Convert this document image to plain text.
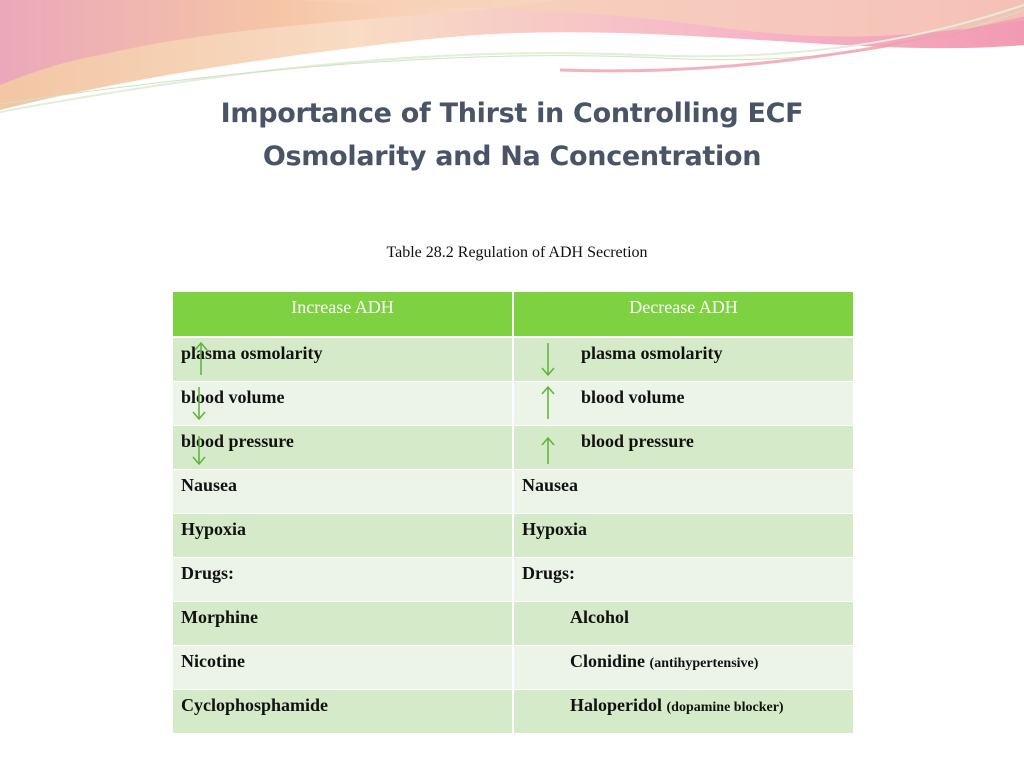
Importance of Thirst in Controlling ECF
Osmolarity and Na Concentration
Table 28.2 Regulation of ADH Secretion
Increase ADH	Decrease ADH

plasma osmolarity	plasma osmolarity

blood volume	blood volume

blood pressure	blood pressure
Nausea	Nausea
Hypoxia	Hypoxia
Drugs:	Drugs:
Morphine	Alcohol
Nicotine	Clonidine (antihypertensive)
Cyclophosphamide	Haloperidol (dopamine blocker)
